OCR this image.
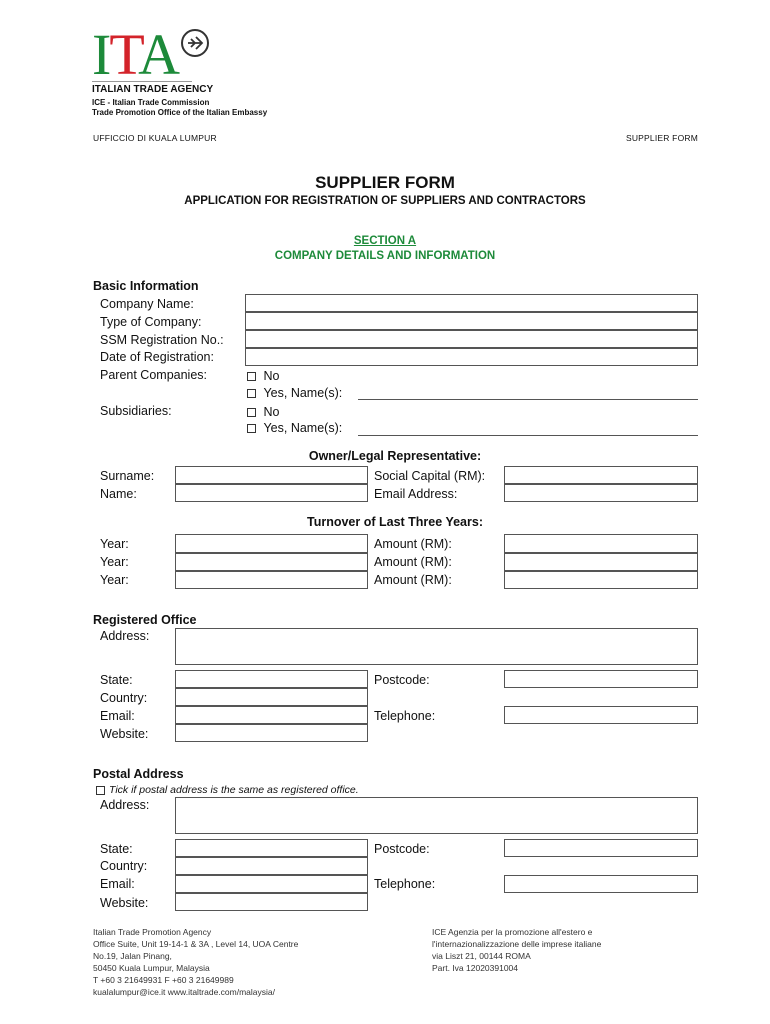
ITA
ITALIAN TRADE AGENCY
ICE - Italian Trade Commission
Trade Promotion Office of the Italian Embassy
UFFICCIO DI KUALA LUMPUR	SUPPLIER FORM
SUPPLIER FORM
APPLICATION FOR REGISTRATION OF SUPPLIERS AND CONTRACTORS
SECTION A
COMPANY DETAILS AND INFORMATION
Basic Information
Company Name:
Type of Company:
SSM Registration No.:
Date of Registration:
Parent Companies:
Subsidiaries:
No
Yes, Name(s):
No
Yes, Name(s):
Owner/Legal Representative:
Surname:
Name:
Social Capital (RM):
Email Address:
Turnover of Last Three Years:
Year:
Year:
Year:
Amount (RM):
Amount (RM):
Amount (RM):
Registered Office
Address:
State:
Country:
Email:
Website:
Postcode:
Telephone:
Postal Address
Tick if postal address is the same as registered office.
Address:
State:
Country:
Email:
Website:
Postcode:
Telephone:
Italian Trade Promotion Agency
Office Suite, Unit 19-14-1 & 3A , Level 14, UOA Centre
No.19, Jalan Pinang,
50450 Kuala Lumpur, Malaysia
T +60 3 21649931 F +60 3 21649989
kualalumpur@ice.it www.italtrade.com/malaysia/
ICE Agenzia per la promozione all'estero e
l'internazionalizzazione delle imprese italiane
via Liszt 21, 00144 ROMA
Part. Iva 12020391004
